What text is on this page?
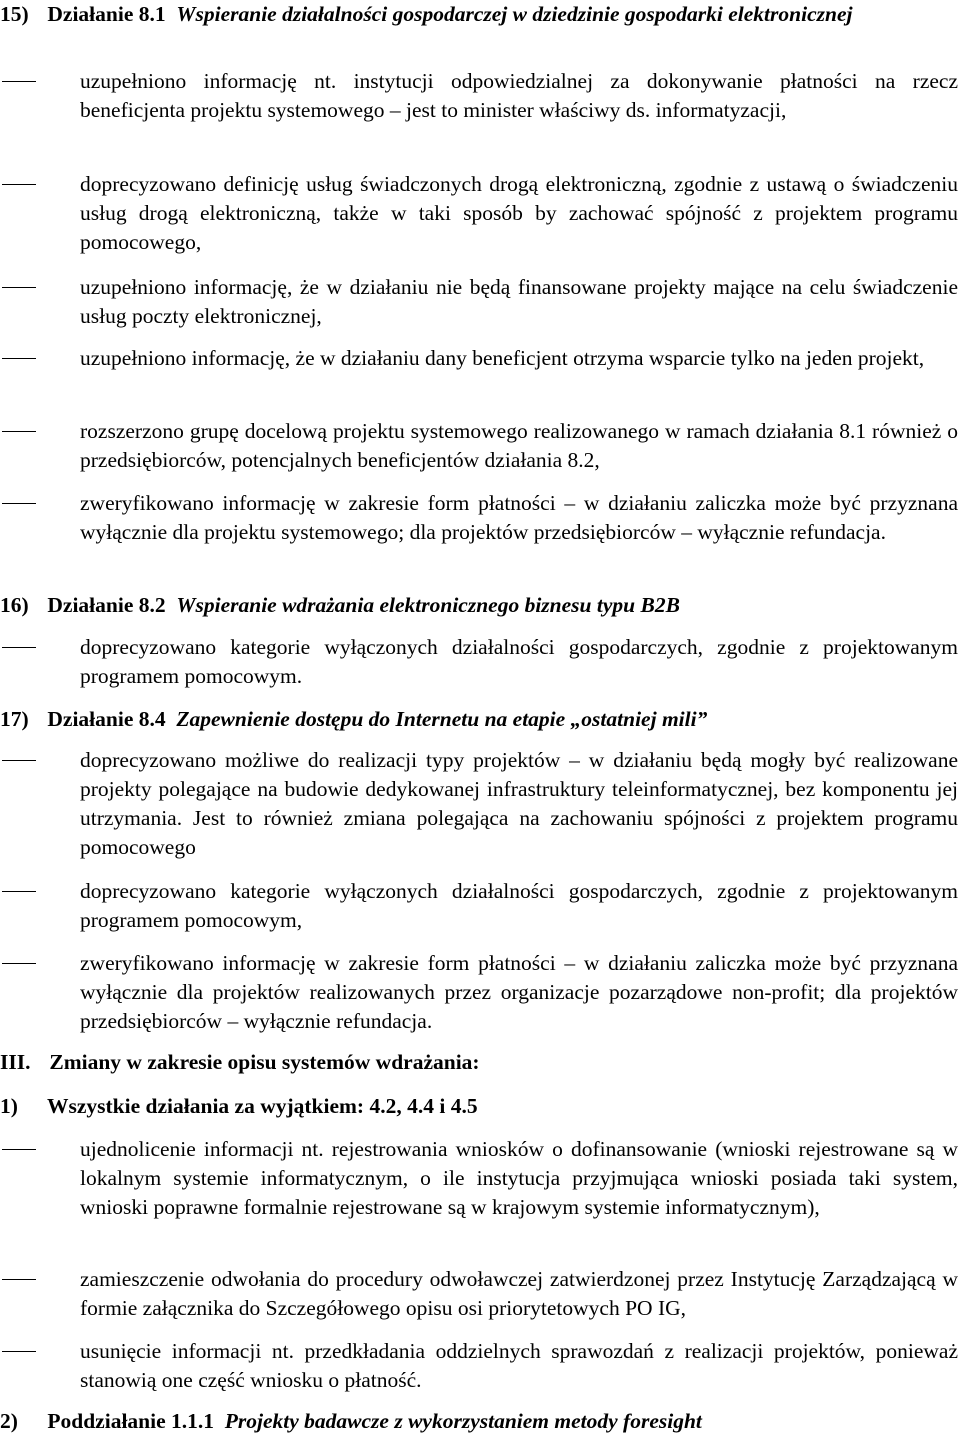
15) Działanie 8.1 Wspieranie działalności gospodarczej w dziedzinie gospodarki elektronicznej
uzupełniono informację nt. instytucji odpowiedzialnej za dokonywanie płatności na rzecz beneficjenta projektu systemowego – jest to minister właściwy ds. informatyzacji,
doprecyzowano definicję usług świadczonych drogą elektroniczną, zgodnie z ustawą o świadczeniu usług drogą elektroniczną, także w taki sposób by zachować spójność z projektem programu pomocowego,
uzupełniono informację, że w działaniu nie będą finansowane projekty mające na celu świadczenie usług poczty elektronicznej,
uzupełniono informację, że w działaniu dany beneficjent otrzyma wsparcie tylko na jeden projekt,
rozszerzono grupę docelową projektu systemowego realizowanego w ramach działania 8.1 również o przedsiębiorców, potencjalnych beneficjentów działania 8.2,
zweryfikowano informację w zakresie form płatności – w działaniu zaliczka może być przyznana wyłącznie dla projektu systemowego; dla projektów przedsiębiorców – wyłącznie refundacja.
16) Działanie 8.2 Wspieranie wdrażania elektronicznego biznesu typu B2B
doprecyzowano kategorie wyłączonych działalności gospodarczych, zgodnie z projektowanym programem pomocowym.
17) Działanie 8.4 Zapewnienie dostępu do Internetu na etapie „ostatniej mili”
doprecyzowano możliwe do realizacji typy projektów – w działaniu będą mogły być realizowane projekty polegające na budowie dedykowanej infrastruktury teleinformatycznej, bez komponentu jej utrzymania. Jest to również zmiana polegająca na zachowaniu spójności z projektem programu pomocowego
doprecyzowano kategorie wyłączonych działalności gospodarczych, zgodnie z projektowanym programem pomocowym,
zweryfikowano informację w zakresie form płatności – w działaniu zaliczka może być przyznana wyłącznie dla projektów realizowanych przez organizacje pozarządowe non-profit; dla projektów przedsiębiorców – wyłącznie refundacja.
III. Zmiany w zakresie opisu systemów wdrażania:
1) Wszystkie działania za wyjątkiem: 4.2, 4.4 i 4.5
ujednolicenie informacji nt. rejestrowania wniosków o dofinansowanie (wnioski rejestrowane są w lokalnym systemie informatycznym, o ile instytucja przyjmująca wnioski posiada taki system, wnioski poprawne formalnie rejestrowane są w krajowym systemie informatycznym),
zamieszczenie odwołania do procedury odwoławczej zatwierdzonej przez Instytucję Zarządzającą w formie załącznika do Szczegółowego opisu osi priorytetowych PO IG,
usunięcie informacji nt. przedkładania oddzielnych sprawozdań z realizacji projektów, ponieważ stanowią one część wniosku o płatność.
2) Poddziałanie 1.1.1 Projekty badawcze z wykorzystaniem metody foresight
